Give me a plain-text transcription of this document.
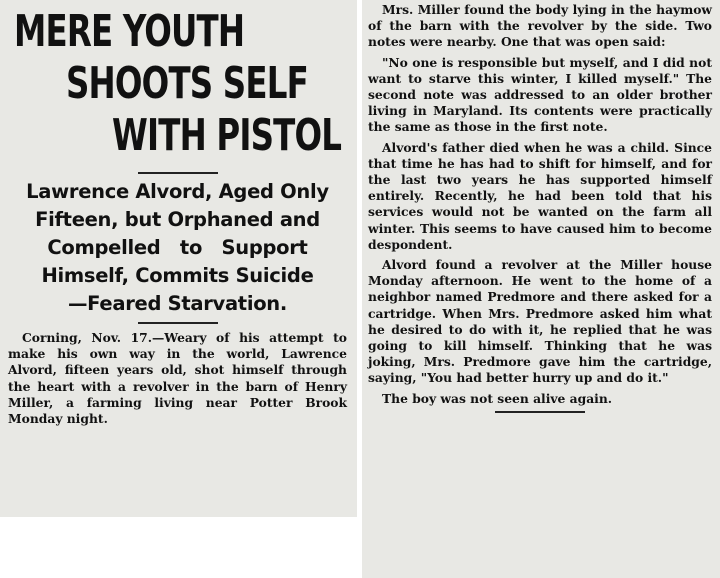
MERE YOUTH
SHOOTS SELF
WITH PISTOL

Lawrence Alvord, Aged Only

Fifteen, but Orphaned and

Compelled   to   Support

Himself, Commits Suicide

—Feared Starvation.

Corning, Nov. 17.—Weary of his attempt to make his own way in the world, Lawrence Alvord, fifteen years old, shot himself through the heart with a revolver in the barn of Henry Miller, a farming living near Potter Brook Monday night.

Mrs. Miller found the body lying in the haymow of the barn with the revolver by the side. Two notes were nearby. One that was open said:

"No one is responsible but myself, and I did not want to starve this winter, I killed myself." The second note was addressed to an older brother living in Maryland. Its contents were practically the same as those in the first note.

Alvord's father died when he was a child. Since that time he has had to shift for himself, and for the last two years he has supported himself entirely. Recently, he had been told that his services would not be wanted on the farm all winter. This seems to have caused him to become despondent.

Alvord found a revolver at the Miller house Monday afternoon. He went to the home of a neighbor named Predmore and there asked for a cartridge. When Mrs. Predmore asked him what he desired to do with it, he replied that he was going to kill himself. Thinking that he was joking, Mrs. Predmore gave him the cartridge, saying, "You had better hurry up and do it."

The boy was not seen alive again.
